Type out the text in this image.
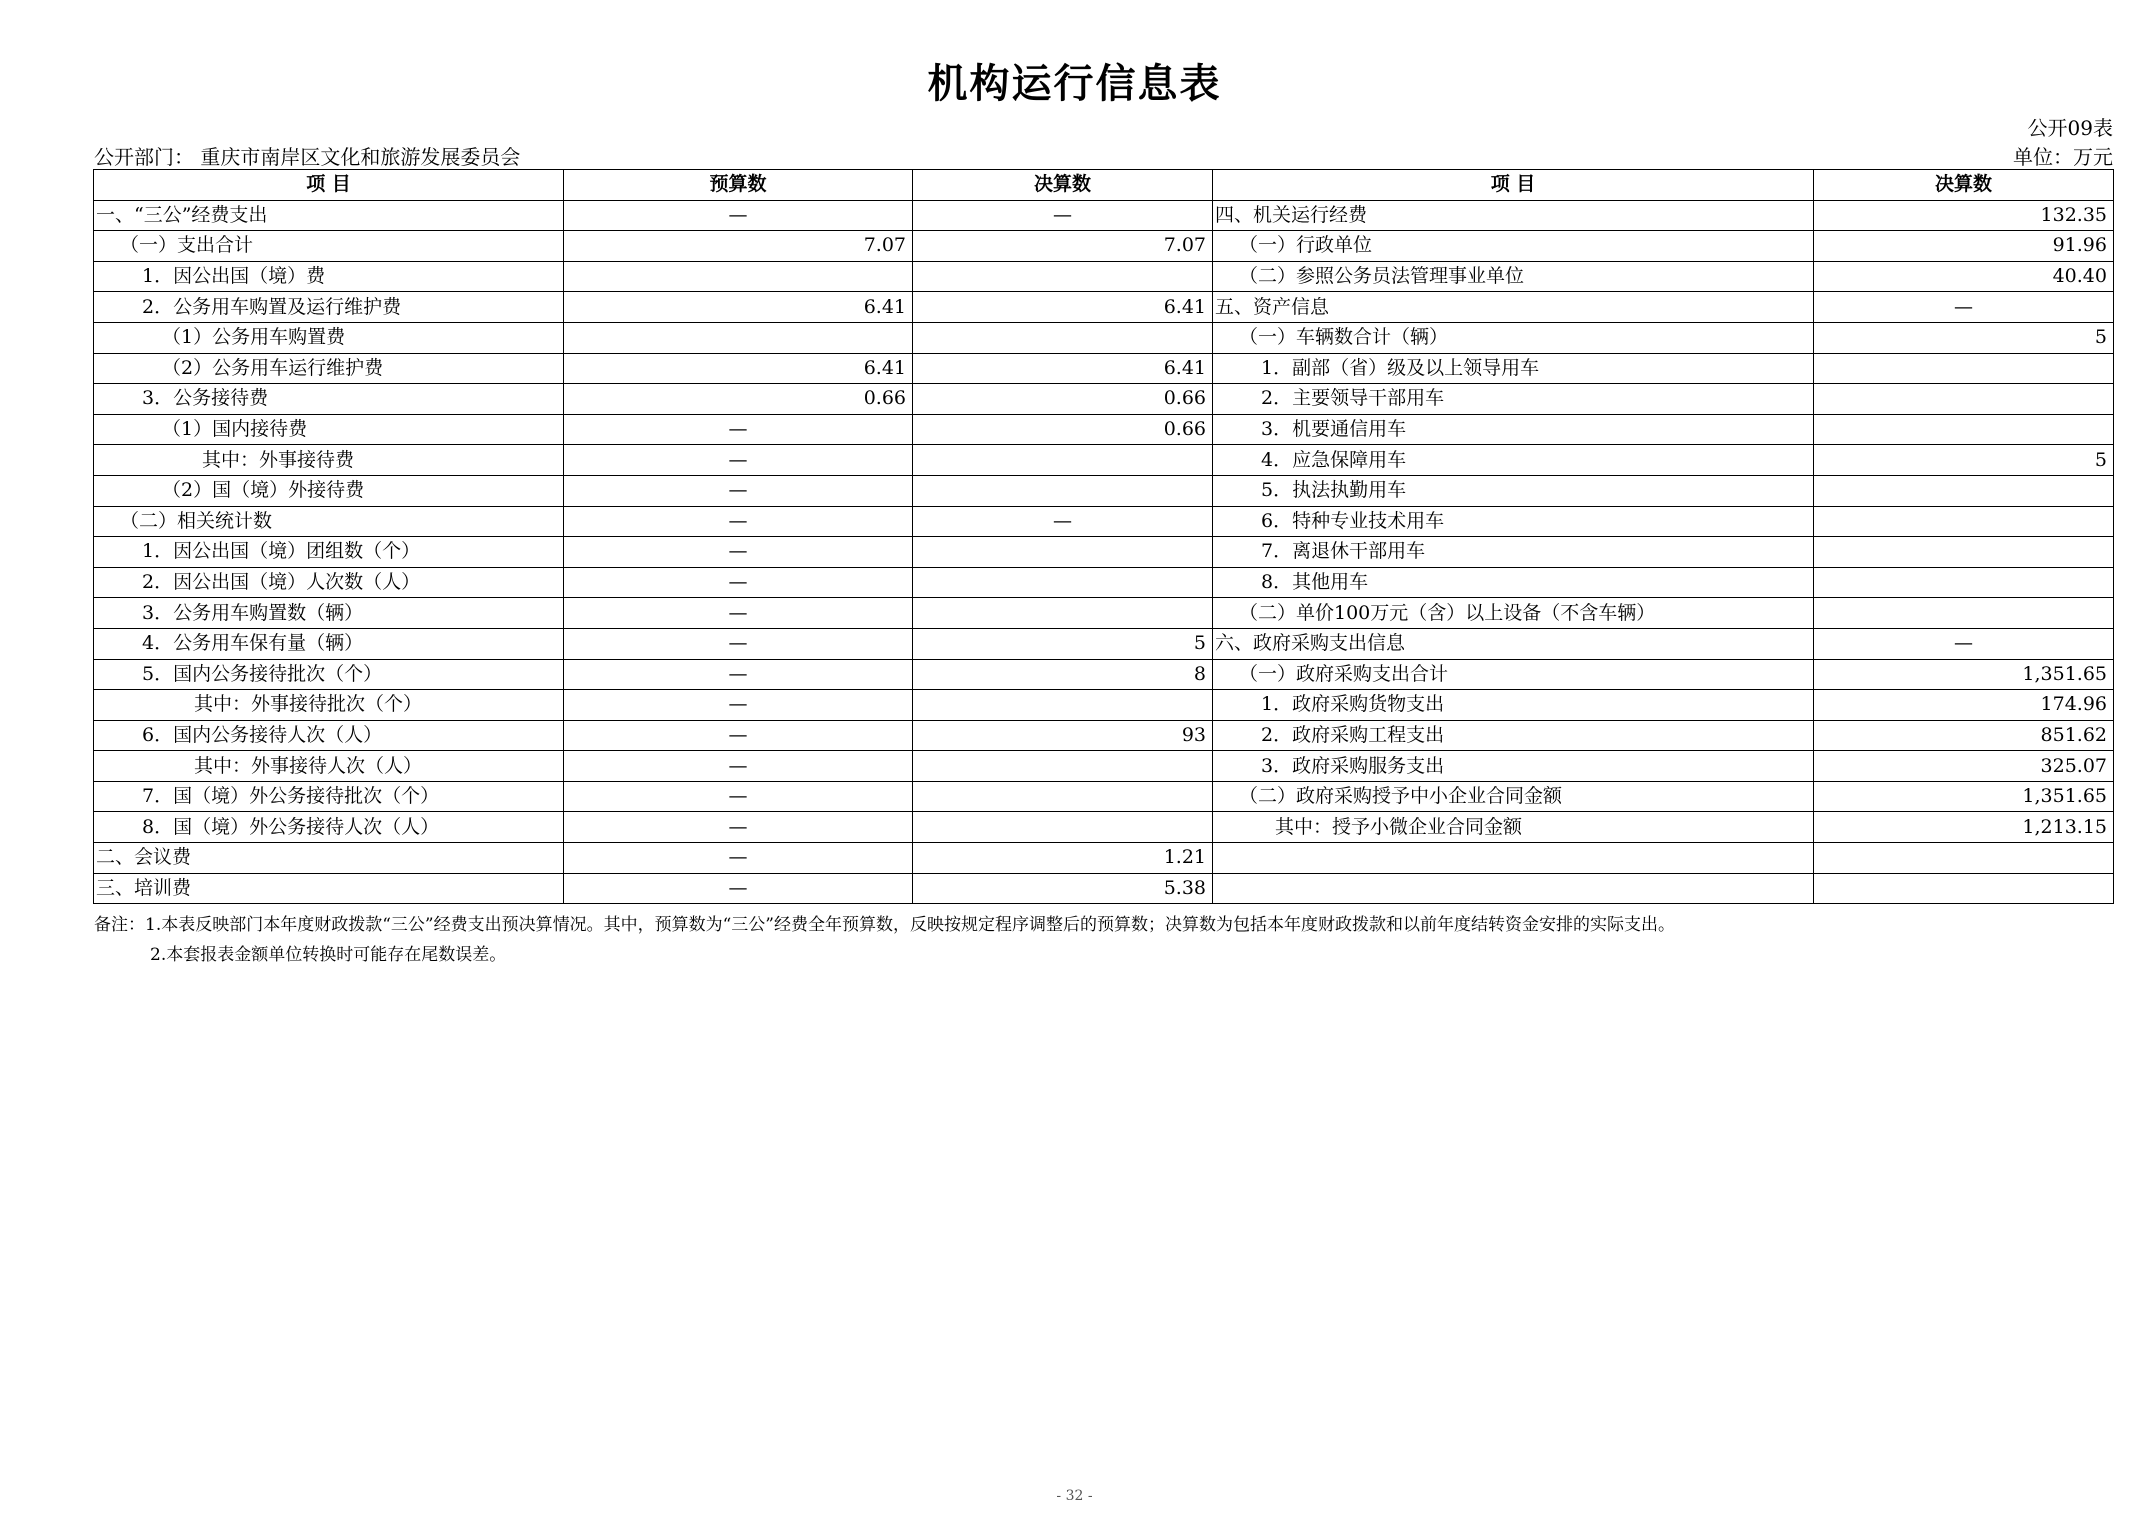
机构运行信息表
公开09表
公开部门： 重庆市南岸区文化和旅游发展委员会	单位：万元
项 目	预算数	决算数	项 目	决算数
一、“三公”经费支出	—	—	四、机关运行经费	132.35
（一）支出合计	7.07	7.07	（一）行政单位	91.96
1．因公出国（境）费			（二）参照公务员法管理事业单位	40.40
2．公务用车购置及运行维护费	6.41	6.41	五、资产信息	—
（1）公务用车购置费			（一）车辆数合计（辆）	5
（2）公务用车运行维护费	6.41	6.41	1．副部（省）级及以上领导用车	
3．公务接待费	0.66	0.66	2．主要领导干部用车	
（1）国内接待费	—	0.66	3．机要通信用车	
其中：外事接待费	—		4．应急保障用车	5
（2）国（境）外接待费	—		5．执法执勤用车	
（二）相关统计数	—	—	6．特种专业技术用车	
1．因公出国（境）团组数（个）	—		7．离退休干部用车	
2．因公出国（境）人次数（人）	—		8．其他用车	
3．公务用车购置数（辆）	—		（二）单价100万元（含）以上设备（不含车辆）	
4．公务用车保有量（辆）	—	5	六、政府采购支出信息	—
5．国内公务接待批次（个）	—	8	（一）政府采购支出合计	1,351.65
其中：外事接待批次（个）	—		1．政府采购货物支出	174.96
6．国内公务接待人次（人）	—	93	2．政府采购工程支出	851.62
其中：外事接待人次（人）	—		3．政府采购服务支出	325.07
7．国（境）外公务接待批次（个）	—		（二）政府采购授予中小企业合同金额	1,351.65
8．国（境）外公务接待人次（人）	—		其中：授予小微企业合同金额	1,213.15
二、会议费	—	1.21		
三、培训费	—	5.38		
备注：1.本表反映部门本年度财政拨款“三公”经费支出预决算情况。其中，预算数为“三公”经费全年预算数，反映按规定程序调整后的预算数；决算数为包括本年度财政拨款和以前年度结转资金安排的实际支出。
2.本套报表金额单位转换时可能存在尾数误差。
- 32 -
